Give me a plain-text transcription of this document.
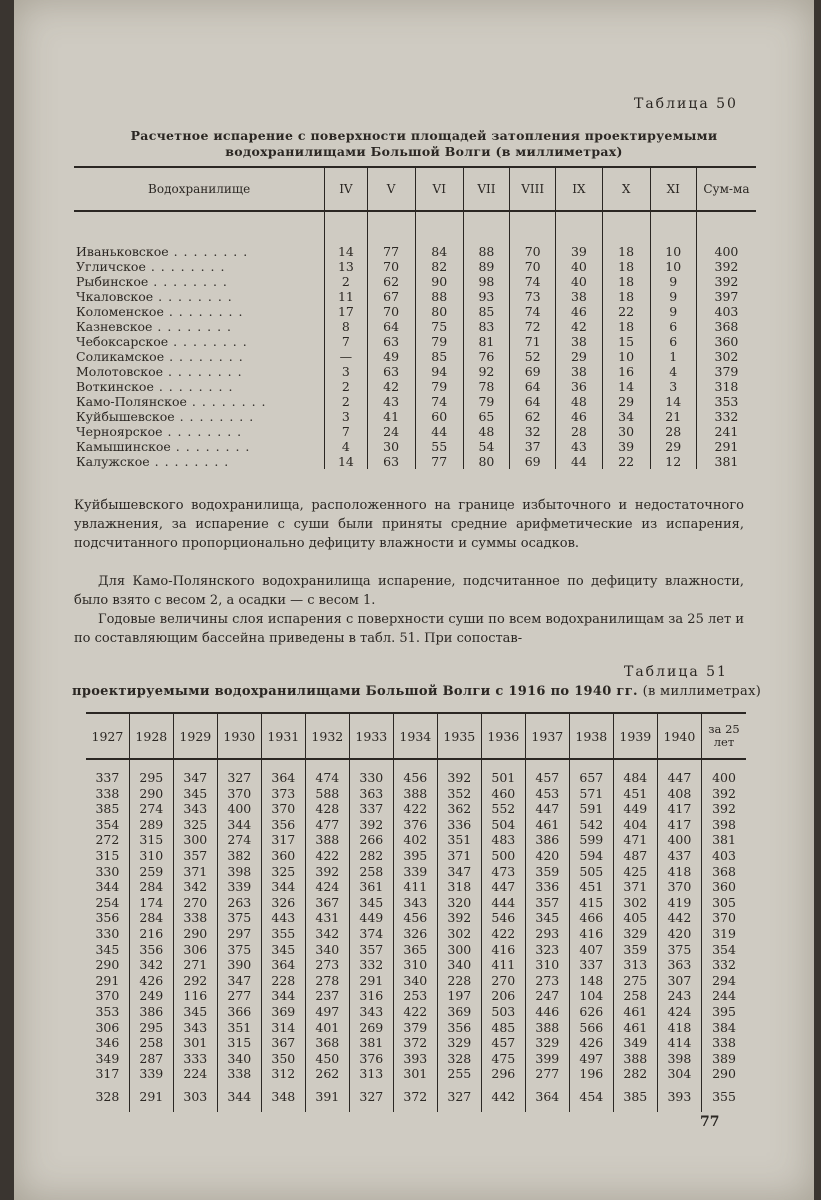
Таблица 50
Расчетное испарение с поверхности площадей затопления проектируемыми
водохранилищами Большой Волги (в миллиметрах)
Водохранилище	IV	V	VI	VII	VIII	IX	X	XI	Сум-ма

Иваньковское . . . . . . . .	14	77	84	88	70	39	18	10	400
Угличское . . . . . . . .	13	70	82	89	70	40	18	10	392
Рыбинское . . . . . . . .	2	62	90	98	74	40	18	9	392
Чкаловское . . . . . . . .	11	67	88	93	73	38	18	9	397
Коломенское . . . . . . . .	17	70	80	85	74	46	22	9	403
Казневское . . . . . . . .	8	64	75	83	72	42	18	6	368
Чебоксарское . . . . . . . .	7	63	79	81	71	38	15	6	360
Соликамское . . . . . . . .	—	49	85	76	52	29	10	1	302
Молотовское . . . . . . . .	3	63	94	92	69	38	16	4	379
Воткинское . . . . . . . .	2	42	79	78	64	36	14	3	318
Камо-Полянское . . . . . . . .	2	43	74	79	64	48	29	14	353
Куйбышевское . . . . . . . .	3	41	60	65	62	46	34	21	332
Черноярское . . . . . . . .	7	24	44	48	32	28	30	28	241
Камышинское . . . . . . . .	4	30	55	54	37	43	39	29	291
Калужское . . . . . . . .	14	63	77	80	69	44	22	12	381
Куйбышевского водохранилища, расположенного на границе избыточного и недостаточного увлажнения, за испарение с суши были приняты средние арифметические из испарения, подсчитанного пропорционально дефициту влажности и суммы осадков.
Для Камо-Полянского водохранилища испарение, подсчитанное по дефициту влажности, было взято с весом 2, а осадки — с весом 1.
Годовые величины слоя испарения с поверхности суши по всем водохранилищам за 25 лет и по составляющим бассейна приведены в табл. 51. При сопостав-
Таблица 51
проектируемыми водохранилищами Большой Волги с 1916 по 1940 гг. (в миллиметрах)
1927	1928	1929	1930	1931	1932	1933	1934	1935	1936	1937	1938	1939	1940	за 25 лет

337	295	347	327	364	474	330	456	392	501	457	657	484	447	400
338	290	345	370	373	588	363	388	352	460	453	571	451	408	392
385	274	343	400	370	428	337	422	362	552	447	591	449	417	392
354	289	325	344	356	477	392	376	336	504	461	542	404	417	398
272	315	300	274	317	388	266	402	351	483	386	599	471	400	381
315	310	357	382	360	422	282	395	371	500	420	594	487	437	403
330	259	371	398	325	392	258	339	347	473	359	505	425	418	368
344	284	342	339	344	424	361	411	318	447	336	451	371	370	360
254	174	270	263	326	367	345	343	320	444	357	415	302	419	305
356	284	338	375	443	431	449	456	392	546	345	466	405	442	370
330	216	290	297	355	342	374	326	302	422	293	416	329	420	319
345	356	306	375	345	340	357	365	300	416	323	407	359	375	354
290	342	271	390	364	273	332	310	340	411	310	337	313	363	332
291	426	292	347	228	278	291	340	228	270	273	148	275	307	294
370	249	116	277	344	237	316	253	197	206	247	104	258	243	244
353	386	345	366	369	497	343	422	369	503	446	626	461	424	395
306	295	343	351	314	401	269	379	356	485	388	566	461	418	384
346	258	301	315	367	368	381	372	329	457	329	426	349	414	338
349	287	333	340	350	450	376	393	328	475	399	497	388	398	389
317	339	224	338	312	262	313	301	255	296	277	196	282	304	290
328	291	303	344	348	391	327	372	327	442	364	454	385	393	355
77
